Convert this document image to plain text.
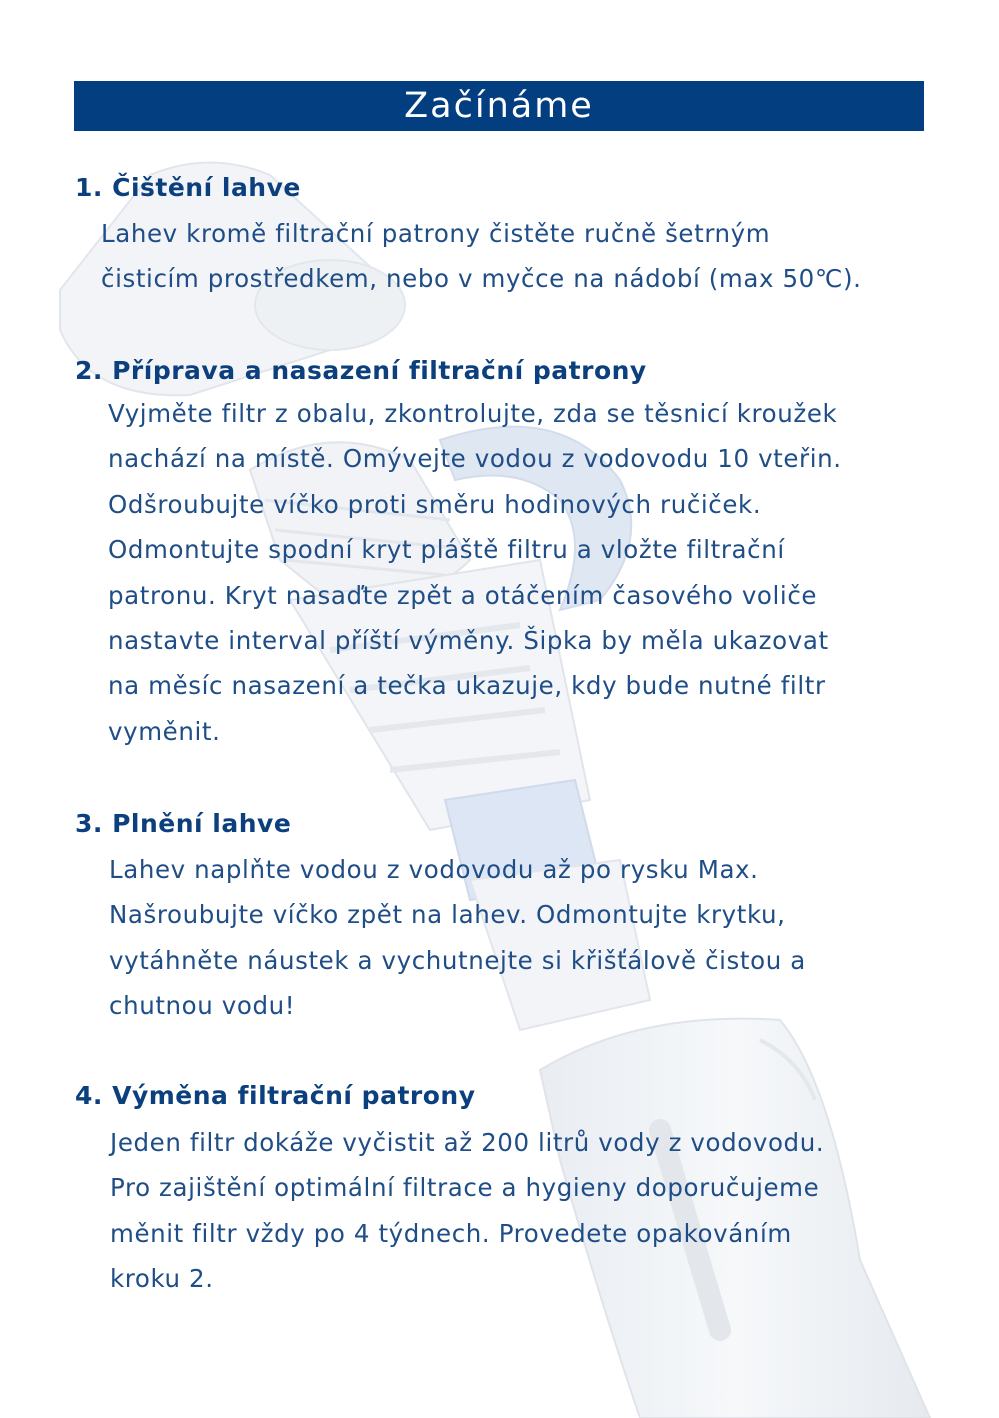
Začínáme
1. Čištění lahve
Lahev kromě filtrační patrony čistěte ručně šetrným
čisticím prostředkem, nebo v myčce na nádobí (max 50℃).
2. Příprava a nasazení filtrační patrony
Vyjměte filtr z obalu, zkontrolujte, zda se těsnicí kroužek
nachází na místě. Omývejte vodou z vodovodu 10 vteřin.
Odšroubujte víčko proti směru hodinových ručiček.
Odmontujte spodní kryt pláště filtru a vložte filtrační
patronu. Kryt nasaďte zpět a otáčením časového voliče
nastavte interval příští výměny. Šipka by měla ukazovat
na měsíc nasazení a tečka ukazuje, kdy bude nutné filtr
vyměnit.
3. Plnění lahve
Lahev naplňte vodou z vodovodu až po rysku Max.
Našroubujte víčko zpět na lahev. Odmontujte krytku,
vytáhněte náustek a vychutnejte si křišťálově čistou a
chutnou vodu!
4. Výměna filtrační patrony
Jeden filtr dokáže vyčistit až 200 litrů vody z vodovodu.
Pro zajištění optimální filtrace a hygieny doporučujeme
měnit filtr vždy po 4 týdnech. Provedete opakováním
kroku 2.
